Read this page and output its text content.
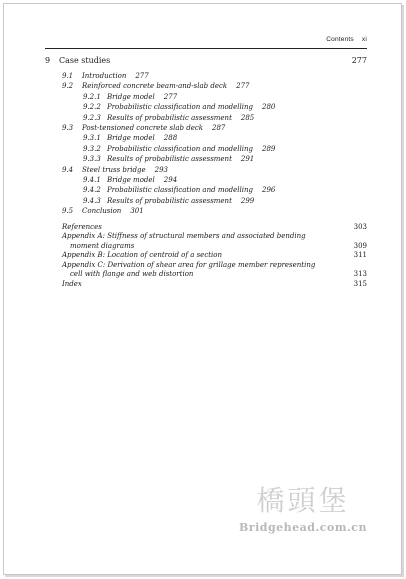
Contents xi
9 Case studies	277
9.1 Introduction 277
9.2 Reinforced concrete beam-and-slab deck 277
9.2.1 Bridge model 277
9.2.2 Probabilistic classification and modelling 280
9.2.3 Results of probabilistic assessment 285
9.3 Post-tensioned concrete slab deck 287
9.3.1 Bridge model 288
9.3.2 Probabilistic classification and modelling 289
9.3.3 Results of probabilistic assessment 291
9.4 Steel truss bridge 293
9.4.1 Bridge model 294
9.4.2 Probabilistic classification and modelling 296
9.4.3 Results of probabilistic assessment 299
9.5 Conclusion 301
References	303
Appendix A: Stiffness of structural members and associated bending
moment diagrams	309
Appendix B: Location of centroid of a section	311
Appendix C: Derivation of shear area for grillage member representing
cell with flange and web distortion	313
Index	315
橋頭堡
Bridgehead.com.cn
